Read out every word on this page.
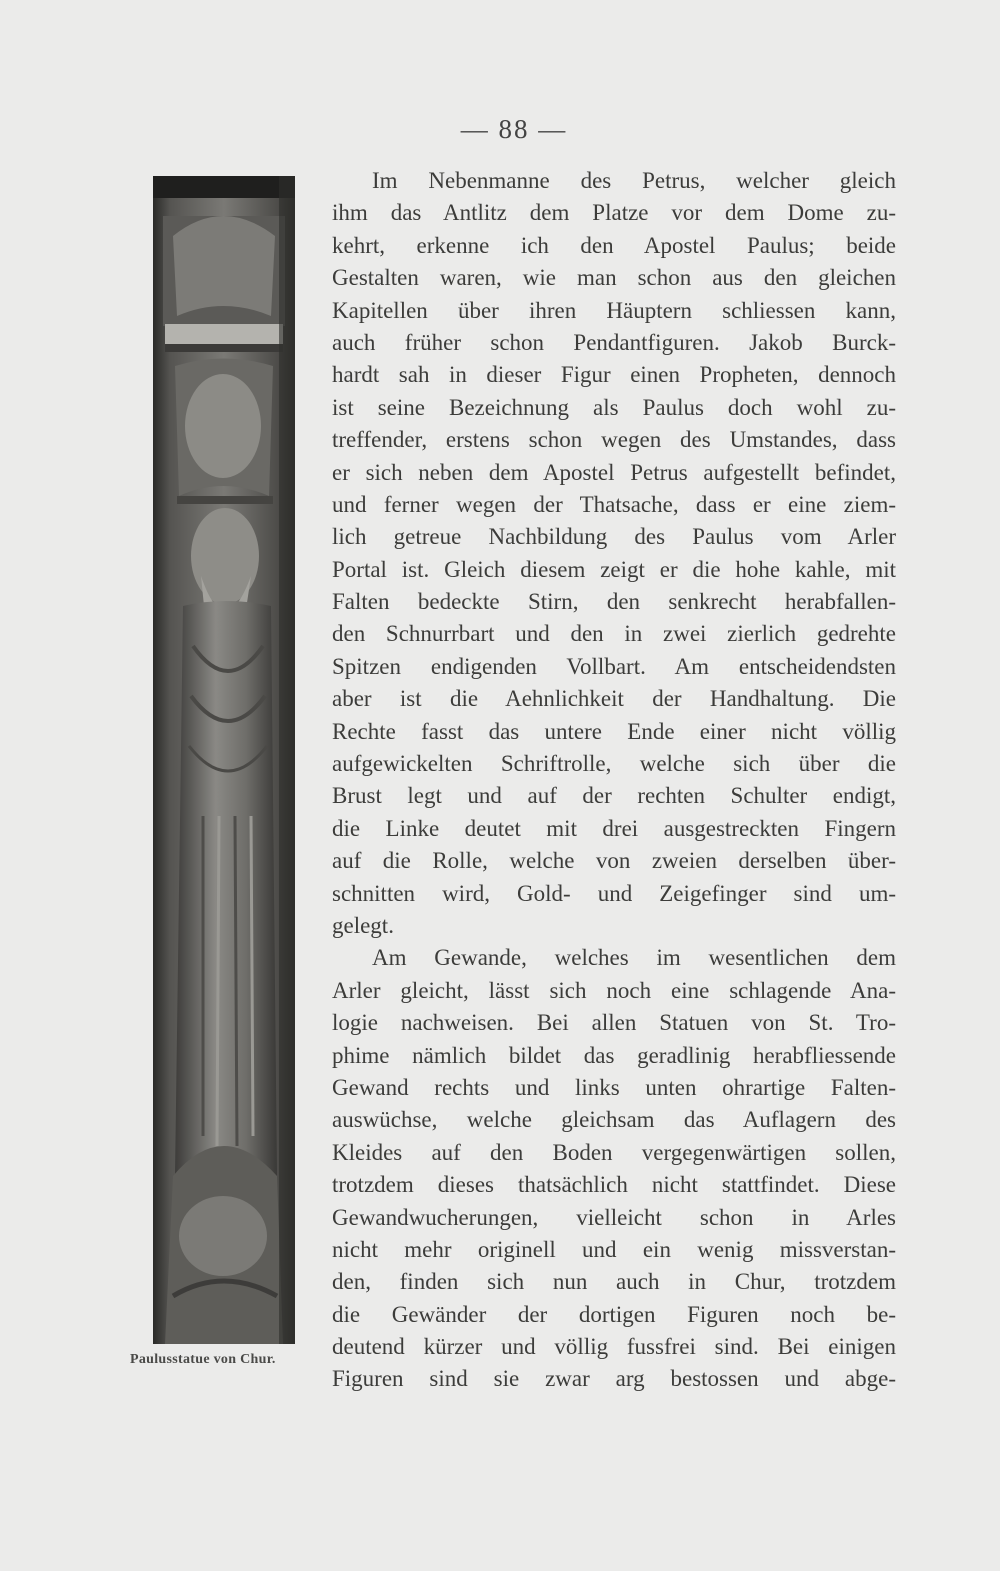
— 88 —
Paulusstatue von Chur.
Im Nebenmanne des Petrus, welcher gleich
ihm das Antlitz dem Platze vor dem Dome zu-
kehrt, erkenne ich den Apostel Paulus; beide
Gestalten waren, wie man schon aus den gleichen
Kapitellen über ihren Häuptern schliessen kann,
auch früher schon Pendantfiguren. Jakob Burck-
hardt sah in dieser Figur einen Propheten, dennoch
ist seine Bezeichnung als Paulus doch wohl zu-
treffender, erstens schon wegen des Umstandes, dass
er sich neben dem Apostel Petrus aufgestellt befindet,
und ferner wegen der Thatsache, dass er eine ziem-
lich getreue Nachbildung des Paulus vom Arler
Portal ist. Gleich diesem zeigt er die hohe kahle, mit
Falten bedeckte Stirn, den senkrecht herabfallen-
den Schnurrbart und den in zwei zierlich gedrehte
Spitzen endigenden Vollbart. Am entscheidendsten
aber ist die Aehnlichkeit der Handhaltung. Die
Rechte fasst das untere Ende einer nicht völlig
aufgewickelten Schriftrolle, welche sich über die
Brust legt und auf der rechten Schulter endigt,
die Linke deutet mit drei ausgestreckten Fingern
auf die Rolle, welche von zweien derselben über-
schnitten wird, Gold- und Zeigefinger sind um-
gelegt.
Am Gewande, welches im wesentlichen dem
Arler gleicht, lässt sich noch eine schlagende Ana-
logie nachweisen. Bei allen Statuen von St. Tro-
phime nämlich bildet das geradlinig herabfliessende
Gewand rechts und links unten ohrartige Falten-
auswüchse, welche gleichsam das Auflagern des
Kleides auf den Boden vergegenwärtigen sollen,
trotzdem dieses thatsächlich nicht stattfindet. Diese
Gewandwucherungen, vielleicht schon in Arles
nicht mehr originell und ein wenig missverstan-
den, finden sich nun auch in Chur, trotzdem
die Gewänder der dortigen Figuren noch be-
deutend kürzer und völlig fussfrei sind. Bei einigen
Figuren sind sie zwar arg bestossen und abge-
